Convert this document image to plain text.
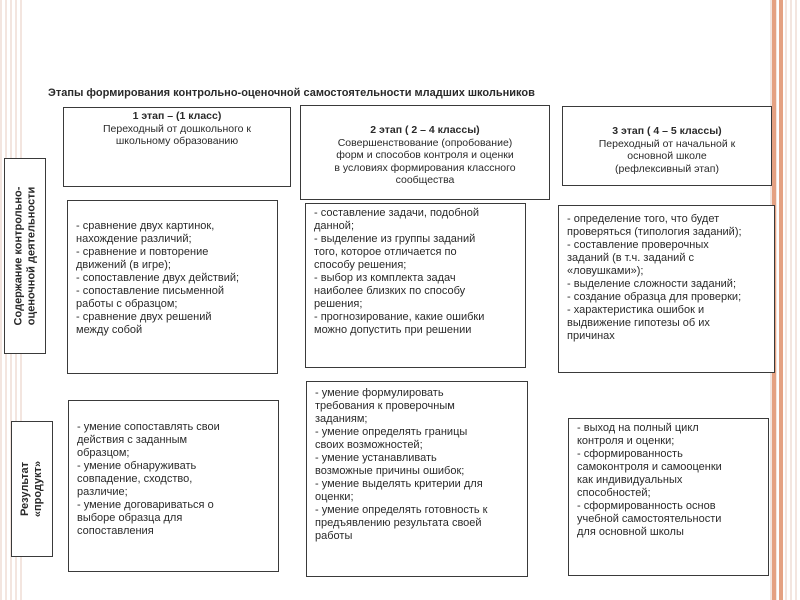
Этапы формирования контрольно-оценочной самостоятельности младших школьников
1 этап – (1 класс)
Переходный от дошкольного к
школьному образованию
2 этап ( 2 – 4 классы)
Совершенствование (опробование)
форм и способов контроля и оценки
в условиях формирования классного
сообщества
3 этап ( 4 – 5 классы)
Переходный от начальной к
основной школе
(рефлексивный этап)
Содержание контрольно- оценочной деятельности
Результат «продукт»
- сравнение двух картинок,
нахождение различий;
- сравнение и повторение
движений (в игре);
- сопоставление двух действий;
- сопоставление письменной
работы с образцом;
- сравнение двух решений
между собой
- составление задачи, подобной
данной;
- выделение из группы заданий
того, которое отличается по
способу решения;
- выбор из комплекта задач
наиболее близких по способу
решения;
- прогнозирование, какие ошибки
можно допустить при решении
- определение того, что будет
проверяться (типология заданий);
- составление проверочных
заданий (в т.ч. заданий с
«ловушками»);
- выделение сложности заданий;
- создание образца для проверки;
- характеристика ошибок и
выдвижение гипотезы об их
причинах
- умение сопоставлять свои
действия с заданным
образцом;
- умение обнаруживать
совпадение, сходство,
различие;
- умение договариваться о
выборе образца для
сопоставления
- умение формулировать
требования к проверочным
заданиям;
- умение определять границы
своих возможностей;
- умение устанавливать
возможные причины ошибок;
- умение выделять критерии для
оценки;
- умение определять готовность к
предъявлению результата своей
работы
- выход на полный цикл
контроля и оценки;
- сформированность
самоконтроля и самооценки
как индивидуальных
способностей;
- сформированность основ
учебной самостоятельности
для основной школы
